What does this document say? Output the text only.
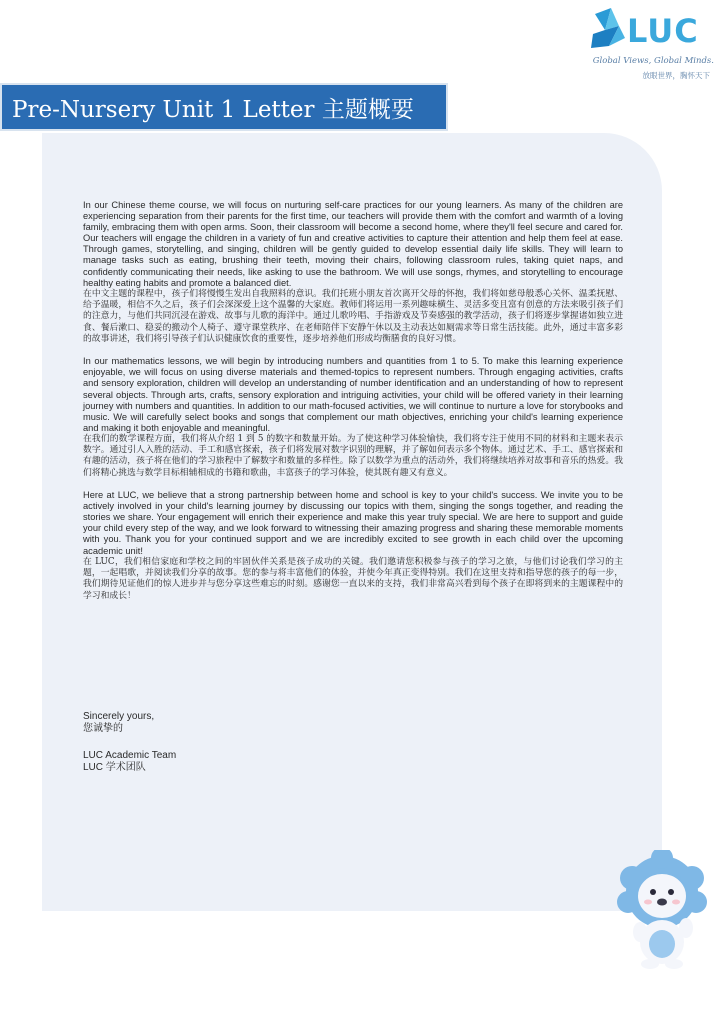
LUC
Global Views, Global Minds.
放眼世界，胸怀天下
Pre-Nursery Unit 1 Letter 主题概要

In our Chinese theme course, we will focus on nurturing self-care practices for our young learners. As many of the children are experiencing separation from their parents for the first time, our teachers will provide them with the comfort and warmth of a loving family, embracing them with open arms. Soon, their classroom will become a second home, where they'll feel secure and cared for. Our teachers will engage the children in a variety of fun and creative activities to capture their attention and help them feel at ease. Through games, storytelling, and singing, children will be gently guided to develop essential daily life skills. They will learn to manage tasks such as eating, brushing their teeth, moving their chairs, following classroom rules, taking quiet naps, and confidently communicating their needs, like asking to use the bathroom. We will use songs, rhymes, and storytelling to encourage healthy eating habits and promote a balanced diet.

在中文主题的课程中，孩子们将慢慢生发出自我照料的意识。我们托班小朋友首次离开父母的怀抱，我们将如慈母般悉心关怀、温柔抚慰、给予温暖，相信不久之后，孩子们会深深爱上这个温馨的大家庭。教师们将运用一系列趣味横生、灵活多变且富有创意的方法来吸引孩子们的注意力，与他们共同沉浸在游戏、故事与儿歌的海洋中。通过儿歌吟唱、手指游戏及节奏感强的教学活动，孩子们将逐步掌握诸如独立进食、餐后漱口、稳妥的搬动个人椅子、遵守课堂秩序、在老师陪伴下安静午休以及主动表达如厕需求等日常生活技能。此外，通过丰富多彩的故事讲述，我们将引导孩子们认识健康饮食的重要性，逐步培养他们形成均衡膳食的良好习惯。

In our mathematics lessons, we will begin by introducing numbers and quantities from 1 to 5. To make this learning experience enjoyable, we will focus on using diverse materials and themed-topics to represent numbers. Through engaging activities, crafts and sensory exploration, children will develop an understanding of number identification and an understanding of how to represent several objects. Through arts, crafts, sensory exploration and intriguing activities, your child will be offered variety in their learning journey with numbers and quantities. In addition to our math-focused activities, we will continue to nurture a love for storybooks and music. We will carefully select books and songs that complement our math objectives, enriching your child's learning experience and making it both enjoyable and meaningful.

在我们的数学课程方面，我们将从介绍 1 到 5 的数字和数量开始。为了使这种学习体验愉快，我们将专注于使用不同的材料和主题来表示数字。通过引人入胜的活动、手工和感官探索，孩子们将发展对数字识别的理解，并了解如何表示多个物体。通过艺术、手工、感官探索和有趣的活动，孩子将在他们的学习旅程中了解数字和数量的多样性。除了以数学为重点的活动外，我们将继续培养对故事和音乐的热爱。我们将精心挑选与数学目标相辅相成的书籍和歌曲，丰富孩子的学习体验，使其既有趣又有意义。

Here at LUC, we believe that a strong partnership between home and school is key to your child's success. We invite you to be actively involved in your child's learning journey by discussing our topics with them, singing the songs together, and reading the stories we share. Your engagement will enrich their experience and make this year truly special. We are here to support and guide your child every step of the way, and we look forward to witnessing their amazing progress and sharing these memorable moments with you. Thank you for your continued support and we are incredibly excited to see growth in each child over the upcoming academic unit!

在 LUC，我们相信家庭和学校之间的牢固伙伴关系是孩子成功的关键。我们邀请您积极参与孩子的学习之旅，与他们讨论我们学习的主题，一起唱歌，并阅读我们分享的故事。您的参与将丰富他们的体验，并使今年真正变得特别。我们在这里支持和指导您的孩子的每一步，我们期待见证他们的惊人进步并与您分享这些难忘的时刻。感谢您一直以来的支持，我们非常高兴看到每个孩子在即将到来的主题课程中的学习和成长！

Sincerely yours,
您诚挚的
LUC Academic Team
LUC 学术团队
